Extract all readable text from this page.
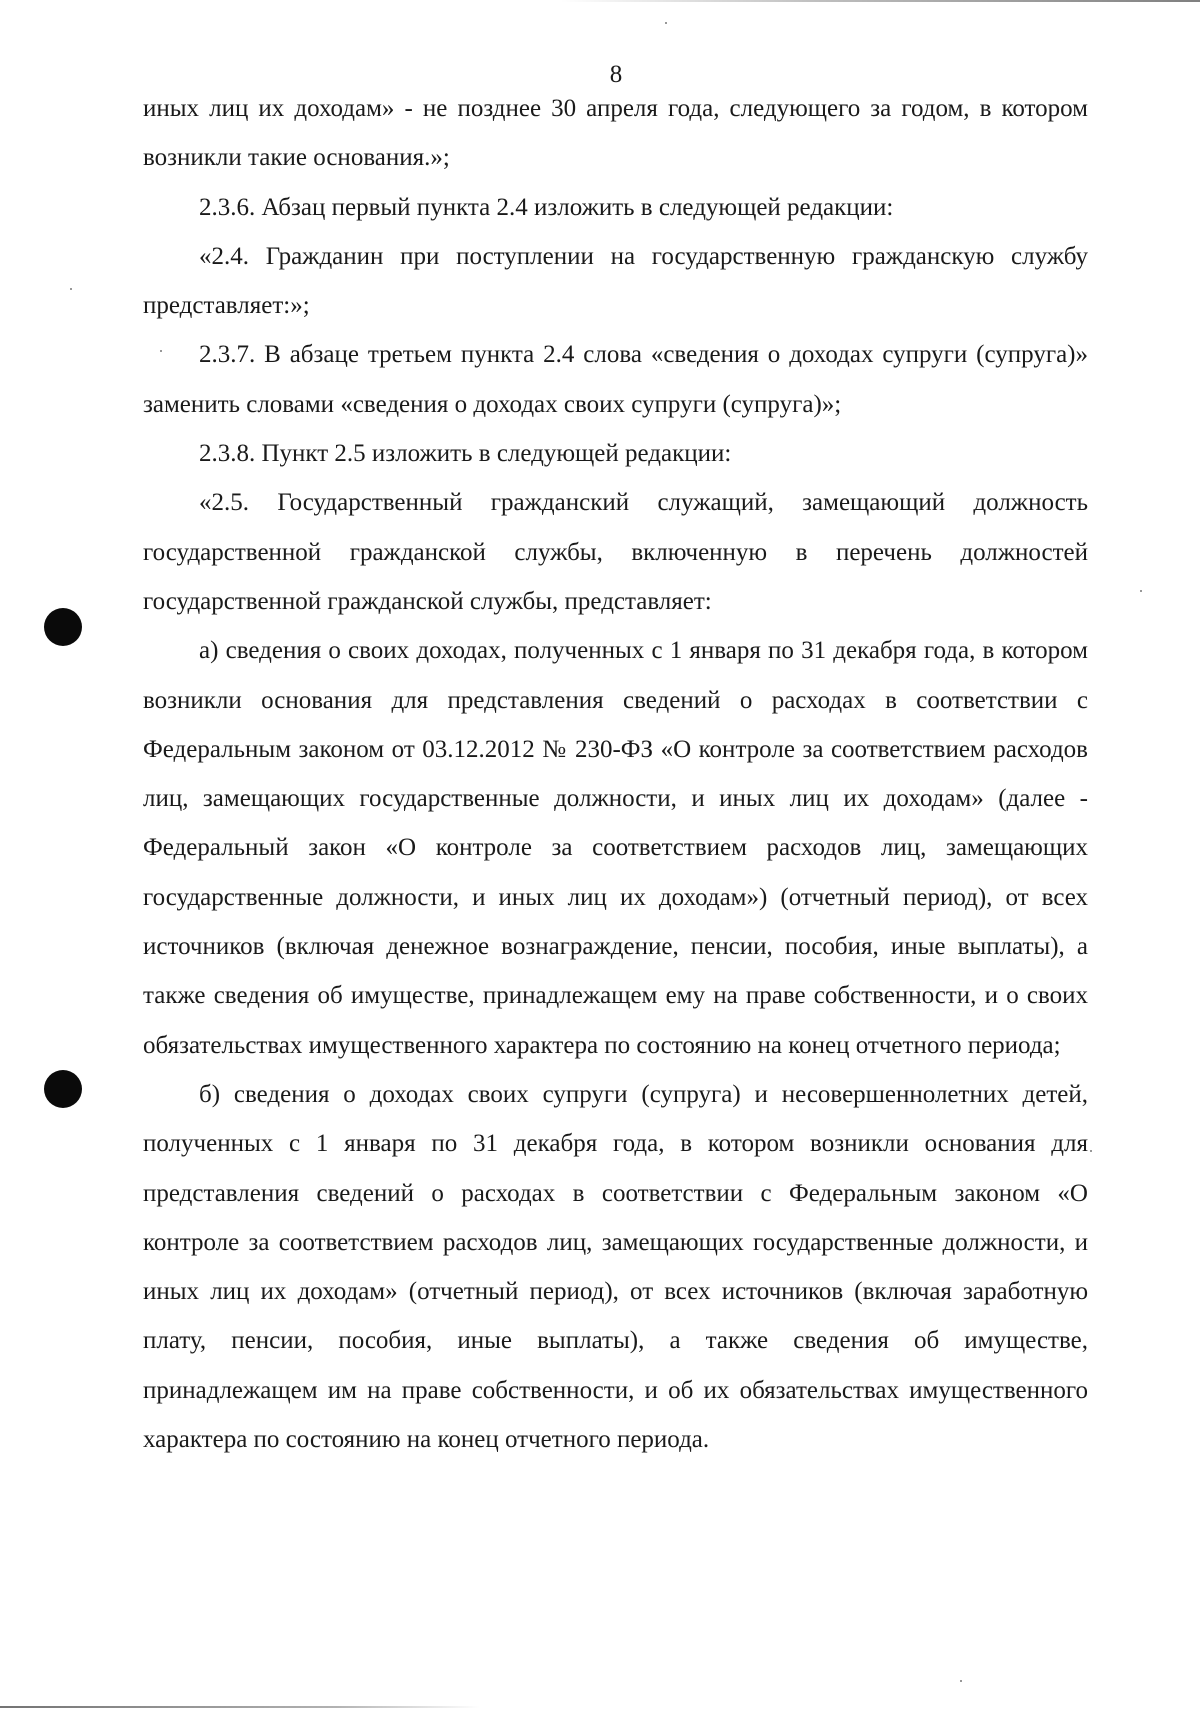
8

иных лиц их доходам» - не позднее 30 апреля года, следующего за годом, в котором возникли такие основания.»;

2.3.6. Абзац первый пункта 2.4 изложить в следующей редакции:

«2.4. Гражданин при поступлении на государственную гражданскую службу представляет:»;

2.3.7. В абзаце третьем пункта 2.4 слова «сведения о доходах супруги (супруга)» заменить словами «сведения о доходах своих супруги (супруга)»;

2.3.8. Пункт 2.5 изложить в следующей редакции:

«2.5. Государственный гражданский служащий, замещающий должность государственной гражданской службы, включенную в перечень должностей государственной гражданской службы, представляет:

а) сведения о своих доходах, полученных с 1 января по 31 декабря года, в котором возникли основания для представления сведений о расходах в соответствии с Федеральным законом от 03.12.2012 № 230-ФЗ «О контроле за соответствием расходов лиц, замещающих государственные должности, и иных лиц их доходам» (далее - Федеральный закон «О контроле за соответствием расходов лиц, замещающих государственные должности, и иных лиц их доходам») (отчетный период), от всех источников (включая денежное вознаграждение, пенсии, пособия, иные выплаты), а также сведения об имуществе, принадлежащем ему на праве собственности, и о своих обязательствах имущественного характера по состоянию на конец отчетного периода;

б) сведения о доходах своих супруги (супруга) и несовершеннолетних детей, полученных с 1 января по 31 декабря года, в котором возникли основания для представления сведений о расходах в соответствии с Федеральным законом «О контроле за соответствием расходов лиц, замещающих государственные должности, и иных лиц их доходам» (отчетный период), от всех источников (включая заработную плату, пенсии, пособия, иные выплаты), а также сведения об имуществе, принадлежащем им на праве собственности, и об их обязательствах имущественного характера по состоянию на конец отчетного периода.
